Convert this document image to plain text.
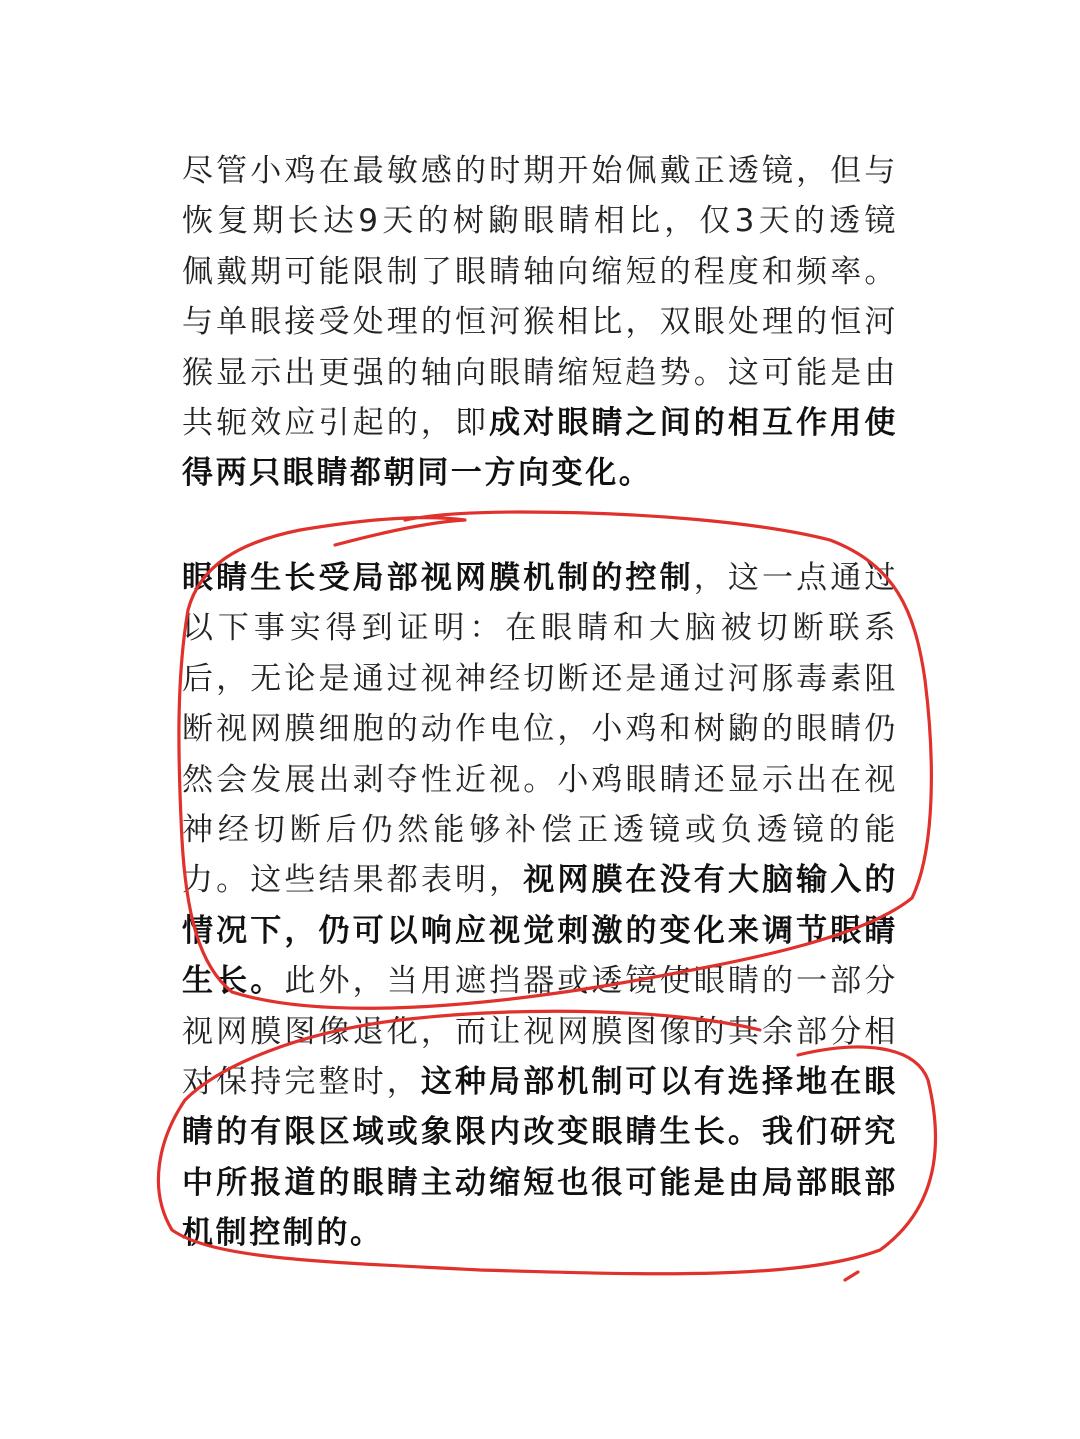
尽管小鸡在最敏感的时期开始佩戴正透镜，但与恢复期长达9天的树鼩眼睛相比，仅3天的透镜佩戴期可能限制了眼睛轴向缩短的程度和频率。与单眼接受处理的恒河猴相比，双眼处理的恒河猴显示出更强的轴向眼睛缩短趋势。这可能是由共轭效应引起的，即成对眼睛之间的相互作用使得两只眼睛都朝同一方向变化。

眼睛生长受局部视网膜机制的控制，这一点通过以下事实得到证明：在眼睛和大脑被切断联系后，无论是通过视神经切断还是通过河豚毒素阻断视网膜细胞的动作电位，小鸡和树鼩的眼睛仍然会发展出剥夺性近视。小鸡眼睛还显示出在视神经切断后仍然能够补偿正透镜或负透镜的能力。这些结果都表明，视网膜在没有大脑输入的情况下，仍可以响应视觉刺激的变化来调节眼睛生长。此外，当用遮挡器或透镜使眼睛的一部分视网膜图像退化，而让视网膜图像的其余部分相对保持完整时，这种局部机制可以有选择地在眼睛的有限区域或象限内改变眼睛生长。我们研究中所报道的眼睛主动缩短也很可能是由局部眼部机制控制的。
